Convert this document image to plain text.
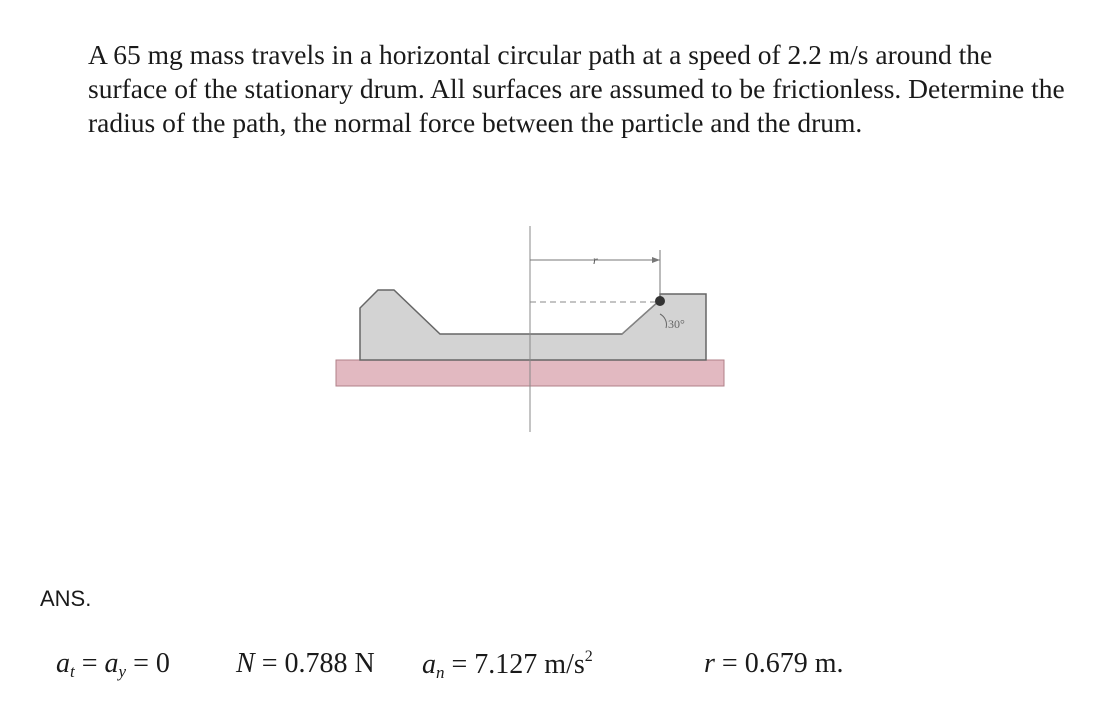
A 65 mg mass travels in a horizontal circular path at a speed of 2.2 m/s around the surface of the stationary drum. All surfaces are assumed to be frictionless. Determine the radius of the path, the normal force between the particle and the drum.

r
30°
ANS.
$a_t = a_y = 0$ N = 0.788 N $a_n = 7.127$ $m/s^2$	r = 0.679 m.
